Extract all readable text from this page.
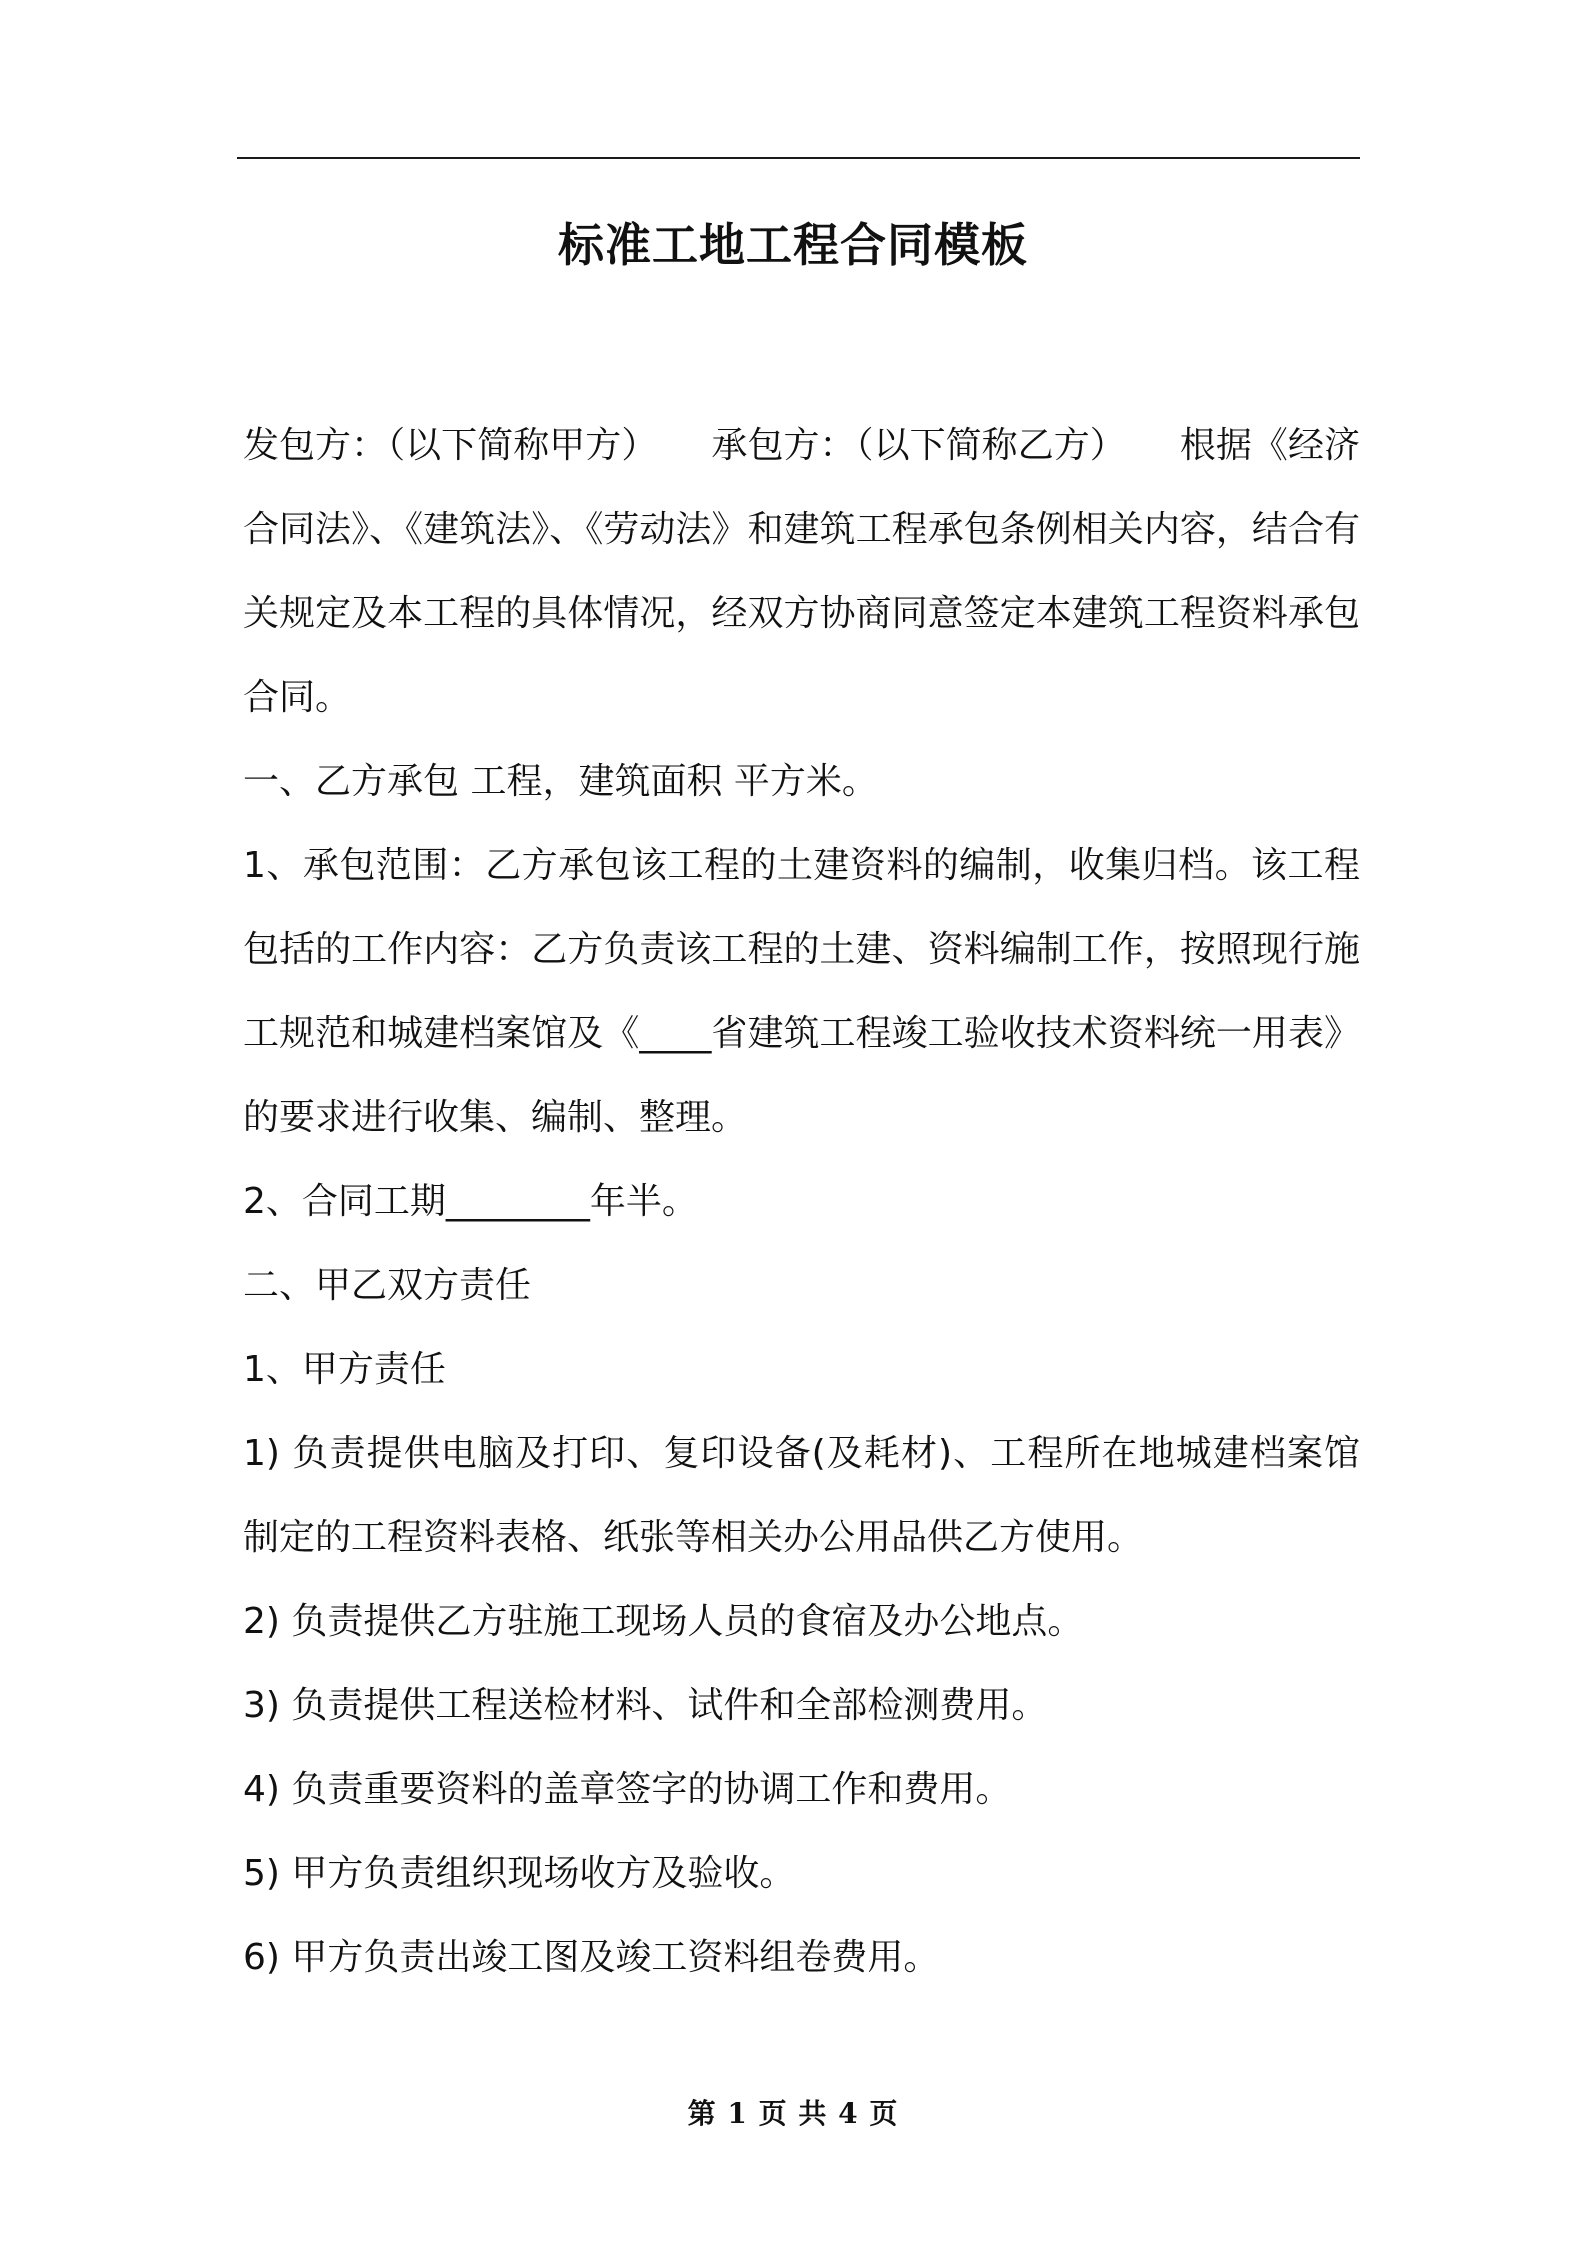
标准工地工程合同模板

发包方：（以下简称甲方）　　承包方：（以下简称乙方）　　根据《经济合同法》、《建筑法》、《劳动法》和建筑工程承包条例相关内容，结合有关规定及本工程的具体情况，经双方协商同意签定本建筑工程资料承包合同。

一、乙方承包 工程，建筑面积 平方米。

1、承包范围：乙方承包该工程的土建资料的编制，收集归档。该工程包括的工作内容：乙方负责该工程的土建、资料编制工作，按照现行施工规范和城建档案馆及《____省建筑工程竣工验收技术资料统一用表》的要求进行收集、编制、整理。

2、合同工期________年半。

二、甲乙双方责任

1、甲方责任

1) 负责提供电脑及打印、复印设备(及耗材)、工程所在地城建档案馆制定的工程资料表格、纸张等相关办公用品供乙方使用。

2) 负责提供乙方驻施工现场人员的食宿及办公地点。

3) 负责提供工程送检材料、试件和全部检测费用。

4) 负责重要资料的盖章签字的协调工作和费用。

5) 甲方负责组织现场收方及验收。

6) 甲方负责出竣工图及竣工资料组卷费用。

第 1 页 共 4 页
